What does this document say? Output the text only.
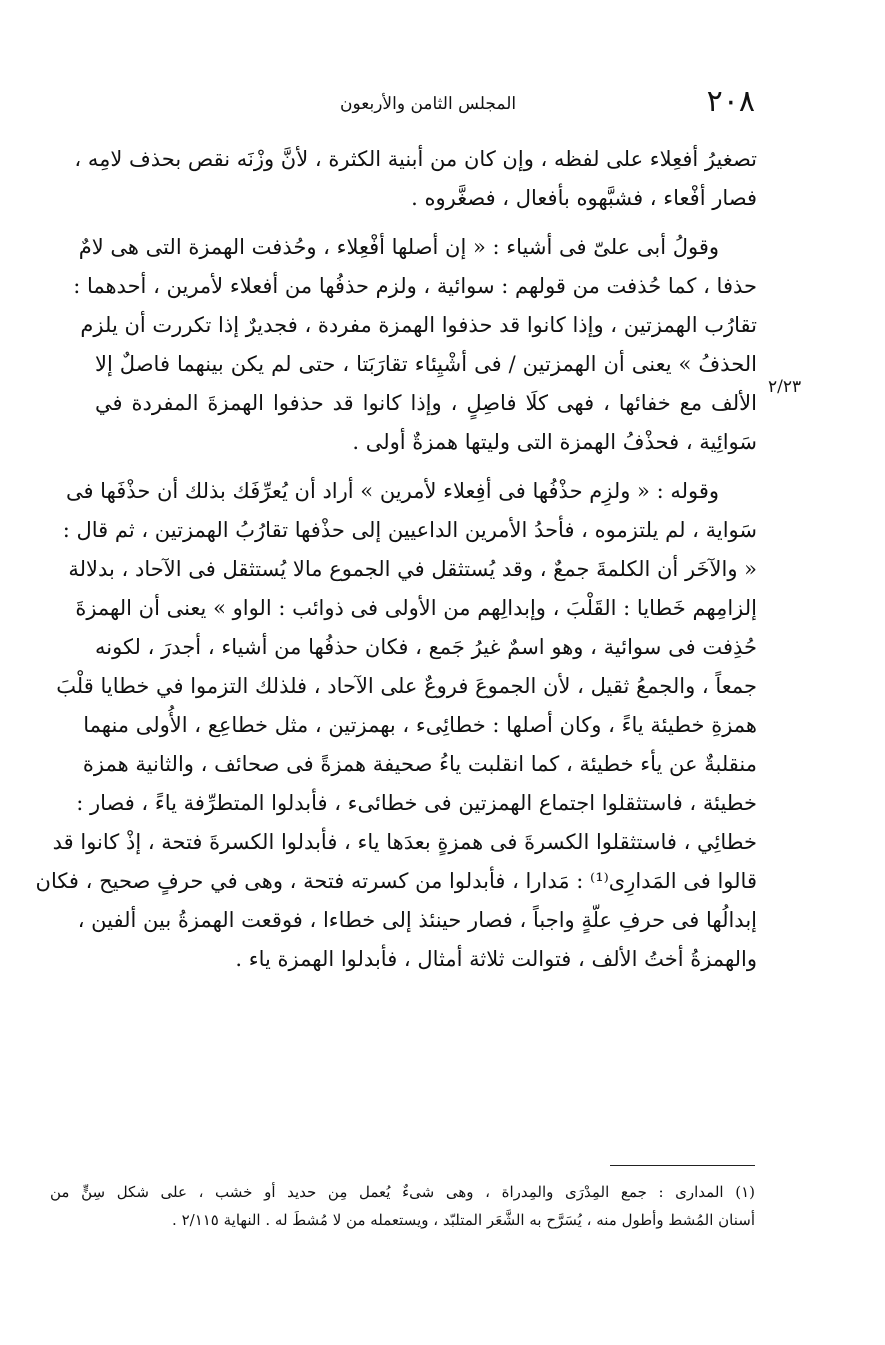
٢٠٨
المجلس الثامن والأربعون
٢/٢٣
تصغيرُ أفعِلاء على لفظه ، وإن كان من أبنية الكثرة ، لأنَّ وزْنَه نقص بحذف لامِه ،
فصار أفْعاء ، فشبَّهوه بأفعال ، فصغَّروه .
وقولُ أبى علىّ فى أشياء : « إن أصلها أفْعِلاء ، وحُذفت الهمزة التى هى لامٌ
حذفا ، كما حُذفت من قولهم : سوائية ، ولزم حذفُها من أفعلاء لأمرين ، أحدهما :
تقارُب الهمزتين ، وإذا كانوا قد حذفوا الهمزة مفردة ، فجديرٌ إذا تكررت أن يلزم
الحذفُ » يعنى أن الهمزتين / فى أشْيِئاء تقارَبَتا ، حتى لم يكن بينهما فاصلٌ إلا
الألف مع خفائها ، فهى كلَا فاصِلٍ ، وإذا كانوا قد حذفوا الهمزةَ المفردة في
سَوائِية ، فحذْفُ الهمزة التى وليتها همزةٌ أولى .
وقوله : « ولزِم حذْفُها فى أفِعلاء لأمرين » أراد أن يُعرِّفَك بذلك أن حذْفَها فى
سَواية ، لم يلتزموه ، فأحدُ الأمرين الداعيين إلى حذْفها تقارُبُ الهمزتين ، ثم قال :
« والآخَر أن الكلمةَ جمعٌ ، وقد يُستثقل في الجموع مالا يُستثقل فى الآحاد ، بدلالة
إلزامِهم خَطايا : القَلْبَ ، وإبدالِهم من الأولى فى ذوائب : الواو » يعنى أن الهمزةَ
حُذِفت فى سوائية ، وهو اسمٌ غيرُ جَمع ، فكان حذفُها من أشياء ، أجدرَ ، لكونه
جمعاً ، والجمعُ ثقيل ، لأن الجموعَ فروعٌ على الآحاد ، فلذلك التزموا في خطايا قلْبَ
همزةِ خطيئة ياءً ، وكان أصلها : خطائِىء ، بهمزتين ، مثل خطاعِع ، الأُولى منهما
منقلبةٌ عن يأء خطيئة ، كما انقلبت ياءُ صحيفة همزةً فى صحائف ، والثانية همزة
خطيئة ، فاستثقلوا اجتماع الهمزتين فى خطائىء ، فأبدلوا المتطرِّفة ياءً ، فصار :
خطائِي ، فاستثقلوا الكسرةَ فى همزةٍ بعدَها ياء ، فأبدلوا الكسرةَ فتحة ، إذْ كانوا قد
قالوا فى المَدارِى⁽¹⁾ : مَدارا ، فأبدلوا من كسرته فتحة ، وهى في حرفٍ صحيح ، فكان
إبدالُها فى حرفِ علّةٍ واجباً ، فصار حينئذ إلى خطاءا ، فوقعت الهمزةُ بين ألفين ،
والهمزةُ أختُ الألف ، فتوالت ثلاثة أمثال ، فأبدلوا الهمزة ياء .
(١) المدارى : جمع المِدْرَى والمِدراة ، وهى شىءٌ يُعمل مِن حديد أو خشب ، على شكل سِنٍّ من
أسنان المُشط وأطول منه ، يُسَرَّح به الشَّعَر المتلبّد ، ويستعمله من لا مُشطَ له . النهاية ٢/١١٥ .
